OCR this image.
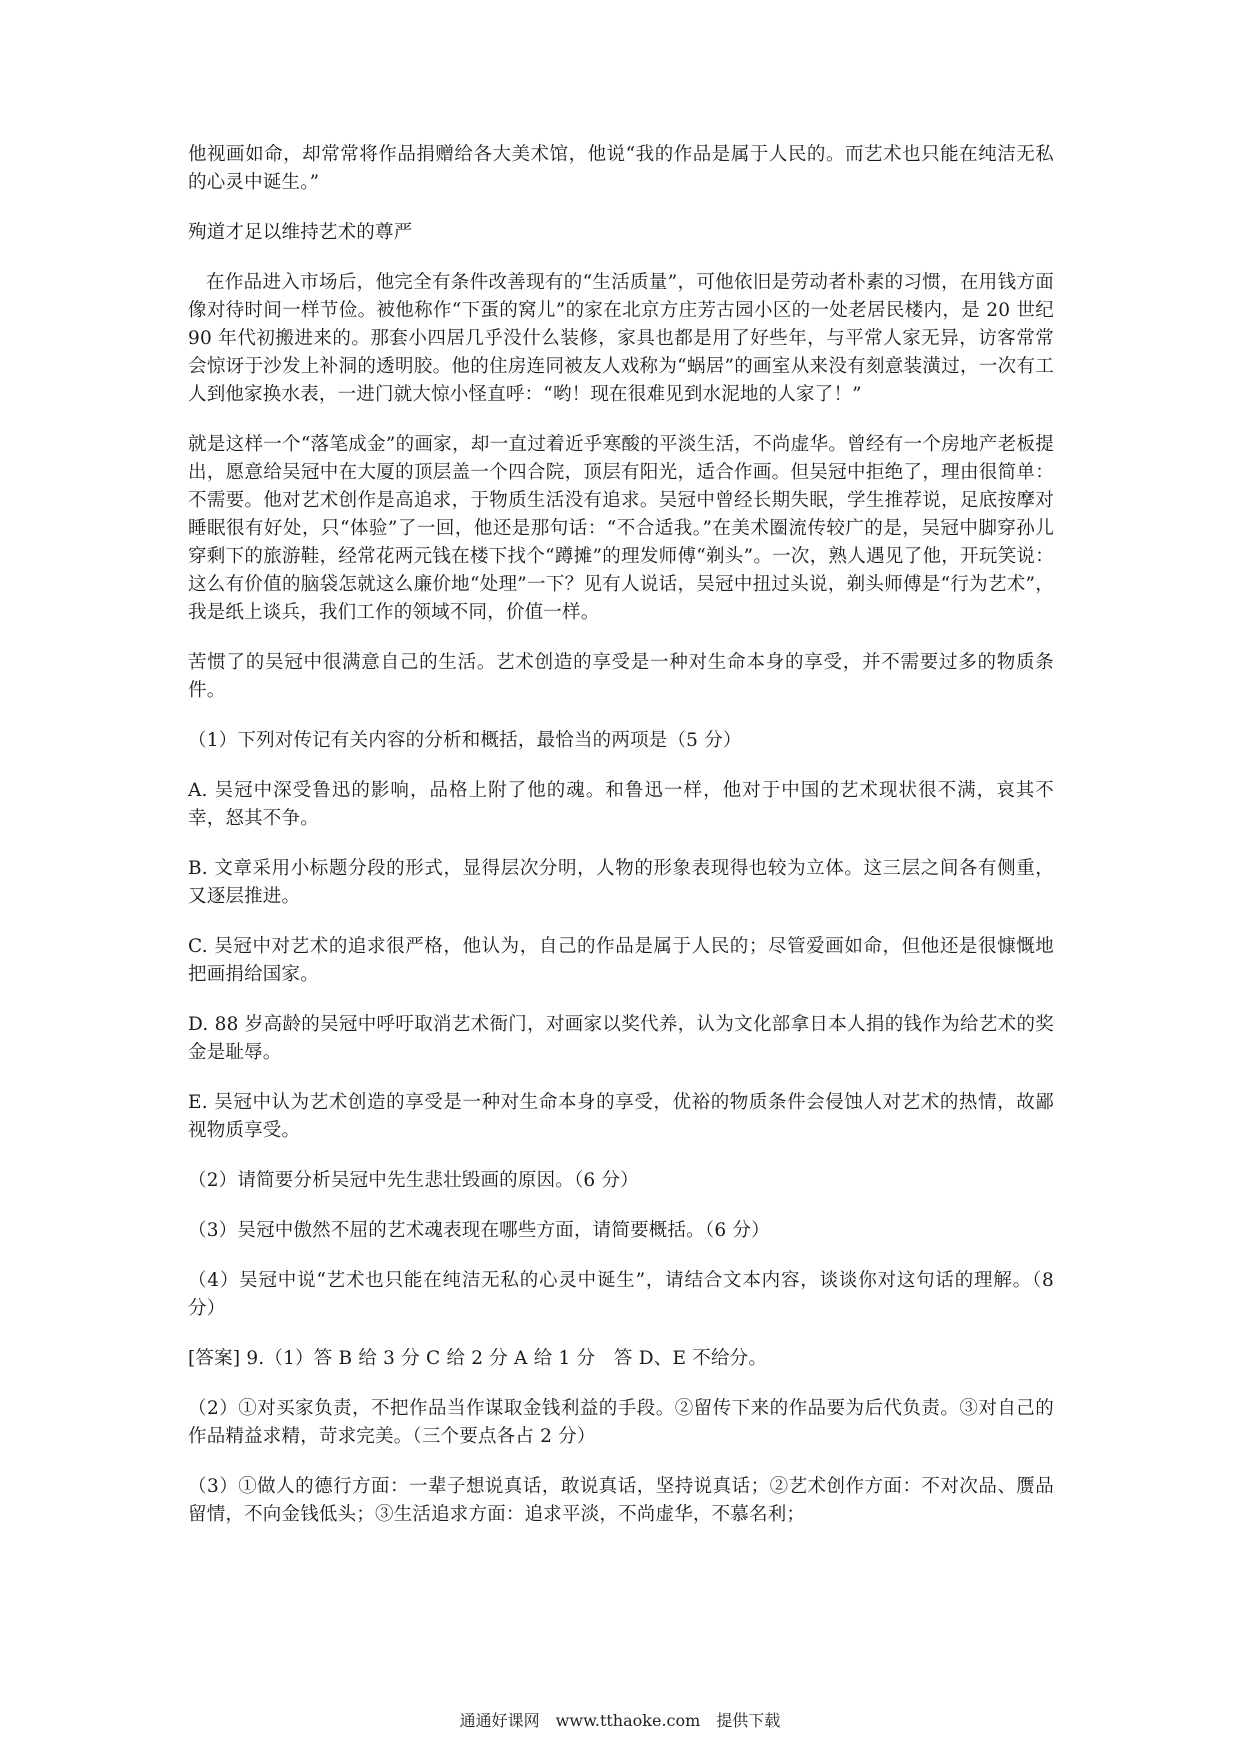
他视画如命，却常常将作品捐赠给各大美术馆，他说“我的作品是属于人民的。而艺术也只能在纯洁无私的心灵中诞生。”

殉道才足以维持艺术的尊严

在作品进入市场后，他完全有条件改善现有的“生活质量”，可他依旧是劳动者朴素的习惯，在用钱方面像对待时间一样节俭。被他称作“下蛋的窝儿”的家在北京方庄芳古园小区的一处老居民楼内，是 20 世纪 90 年代初搬进来的。那套小四居几乎没什么装修，家具也都是用了好些年，与平常人家无异，访客常常会惊讶于沙发上补洞的透明胶。他的住房连同被友人戏称为“蜗居”的画室从来没有刻意装潢过，一次有工人到他家换水表，一进门就大惊小怪直呼：“哟！现在很难见到水泥地的人家了！”

就是这样一个“落笔成金”的画家，却一直过着近乎寒酸的平淡生活，不尚虚华。曾经有一个房地产老板提出，愿意给吴冠中在大厦的顶层盖一个四合院，顶层有阳光，适合作画。但吴冠中拒绝了，理由很简单：不需要。他对艺术创作是高追求，于物质生活没有追求。吴冠中曾经长期失眠，学生推荐说，足底按摩对睡眠很有好处，只“体验”了一回，他还是那句话：“不合适我。”在美术圈流传较广的是，吴冠中脚穿孙儿穿剩下的旅游鞋，经常花两元钱在楼下找个“蹲摊”的理发师傅“剃头”。一次，熟人遇见了他，开玩笑说：这么有价值的脑袋怎就这么廉价地“处理”一下？见有人说话，吴冠中扭过头说，剃头师傅是“行为艺术”，我是纸上谈兵，我们工作的领域不同，价值一样。

苦惯了的吴冠中很满意自己的生活。艺术创造的享受是一种对生命本身的享受，并不需要过多的物质条件。

（1）下列对传记有关内容的分析和概括，最恰当的两项是（5 分）

A. 吴冠中深受鲁迅的影响，品格上附了他的魂。和鲁迅一样，他对于中国的艺术现状很不满，哀其不幸，怒其不争。

B. 文章采用小标题分段的形式，显得层次分明，人物的形象表现得也较为立体。这三层之间各有侧重，又逐层推进。

C. 吴冠中对艺术的追求很严格，他认为，自己的作品是属于人民的；尽管爱画如命，但他还是很慷慨地把画捐给国家。

D. 88 岁高龄的吴冠中呼吁取消艺术衙门，对画家以奖代养，认为文化部拿日本人捐的钱作为给艺术的奖金是耻辱。

E. 吴冠中认为艺术创造的享受是一种对生命本身的享受，优裕的物质条件会侵蚀人对艺术的热情，故鄙视物质享受。

（2）请简要分析吴冠中先生悲壮毁画的原因。（6 分）

（3）吴冠中傲然不屈的艺术魂表现在哪些方面，请简要概括。（6 分）

（4）吴冠中说“艺术也只能在纯洁无私的心灵中诞生”，请结合文本内容，谈谈你对这句话的理解。（8 分）

[答案] 9.（1）答 B 给 3 分 C 给 2 分 A 给 1 分　答 D、E 不给分。

（2）①对买家负责，不把作品当作谋取金钱利益的手段。②留传下来的作品要为后代负责。③对自己的作品精益求精，苛求完美。（三个要点各占 2 分）

（3）①做人的德行方面：一辈子想说真话，敢说真话，坚持说真话；②艺术创作方面：不对次品、赝品留情，不向金钱低头；③生活追求方面：追求平淡，不尚虚华，不慕名利；

通通好课网　www.tthaoke.com　提供下载
